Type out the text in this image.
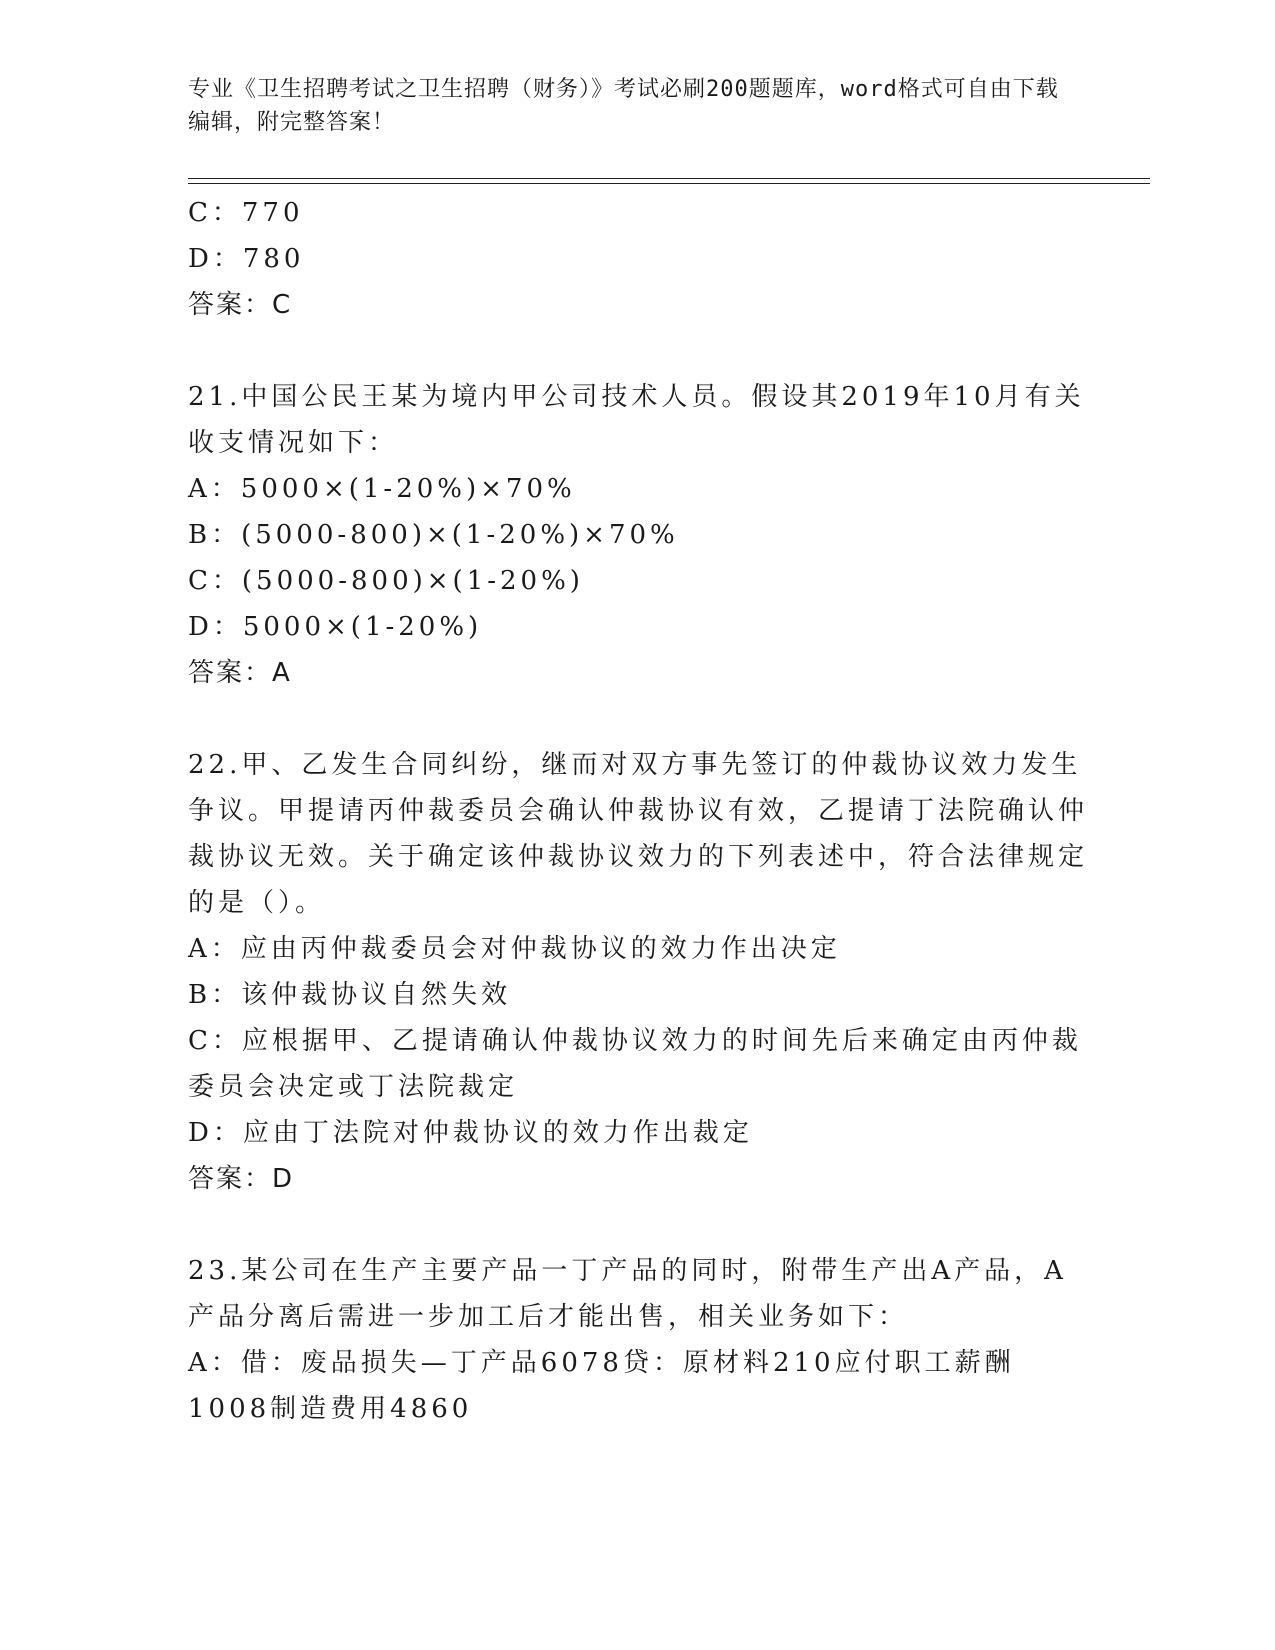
专业《卫生招聘考试之卫生招聘（财务）》考试必刷200题题库，word格式可自由下载编辑，附完整答案！
C：770
D：780
答案：C
21.中国公民王某为境内甲公司技术人员。假设其2019年10月有关收支情况如下：
A：5000×(1-20%)×70%
B：(5000-800)×(1-20%)×70%
C：(5000-800)×(1-20%)
D：5000×(1-20%)
答案：A
22.甲、乙发生合同纠纷，继而对双方事先签订的仲裁协议效力发生争议。甲提请丙仲裁委员会确认仲裁协议有效，乙提请丁法院确认仲裁协议无效。关于确定该仲裁协议效力的下列表述中，符合法律规定的是（）。
A：应由丙仲裁委员会对仲裁协议的效力作出决定
B：该仲裁协议自然失效
C：应根据甲、乙提请确认仲裁协议效力的时间先后来确定由丙仲裁委员会决定或丁法院裁定
D：应由丁法院对仲裁协议的效力作出裁定
答案：D
23.某公司在生产主要产品一丁产品的同时，附带生产出A产品，A产品分离后需进一步加工后才能出售，相关业务如下：
A：借：废品损失—丁产品6078贷：原材料210应付职工薪酬1008制造费用4860
